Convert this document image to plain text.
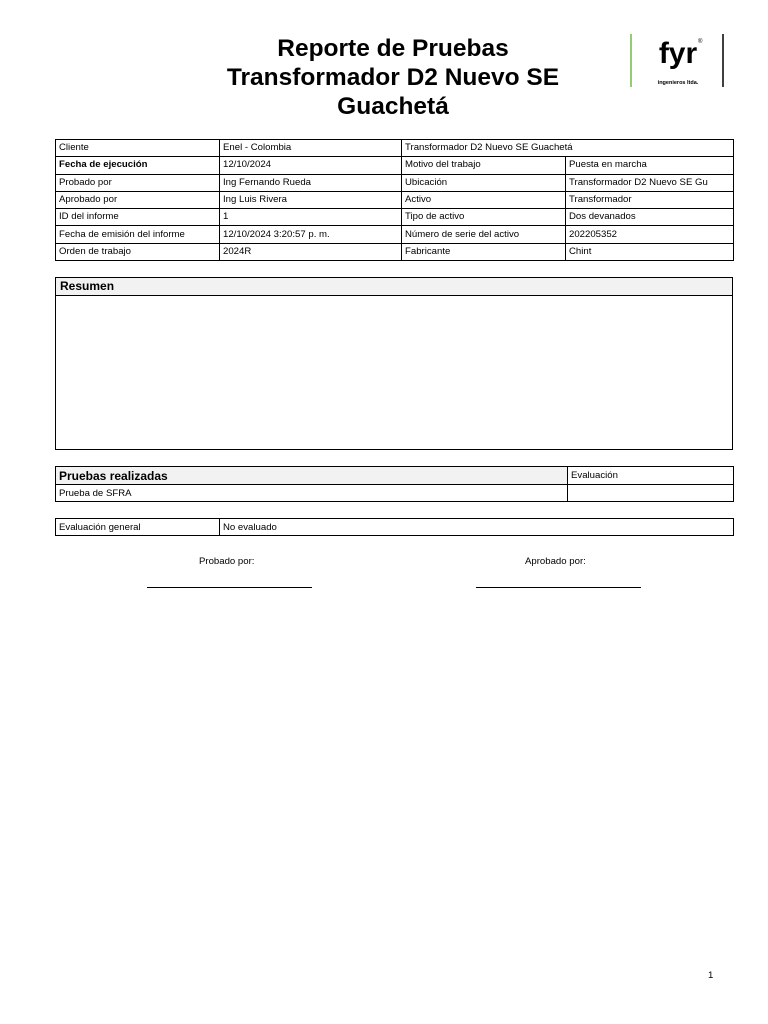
Reporte de Pruebas
Transformador D2 Nuevo SE
Guachetá
fyr ®
ingenieros ltda.
Cliente	Enel - Colombia	Transformador D2 Nuevo SE Guachetá	
Fecha de ejecución	12/10/2024	Motivo del trabajo	Puesta en marcha
Probado por	Ing Fernando Rueda	Ubicación	Transformador D2 Nuevo SE Gu
Aprobado por	Ing Luis Rivera	Activo	Transformador
ID del informe	1	Tipo de activo	Dos devanados
Fecha de emisión del informe	12/10/2024 3:20:57 p. m.	Número de serie del activo	202205352
Orden de trabajo	2024R	Fabricante	Chint
Resumen
Pruebas realizadas	Evaluación
Prueba de SFRA	
Evaluación general	No evaluado
Probado por:	Aprobado por:
1
